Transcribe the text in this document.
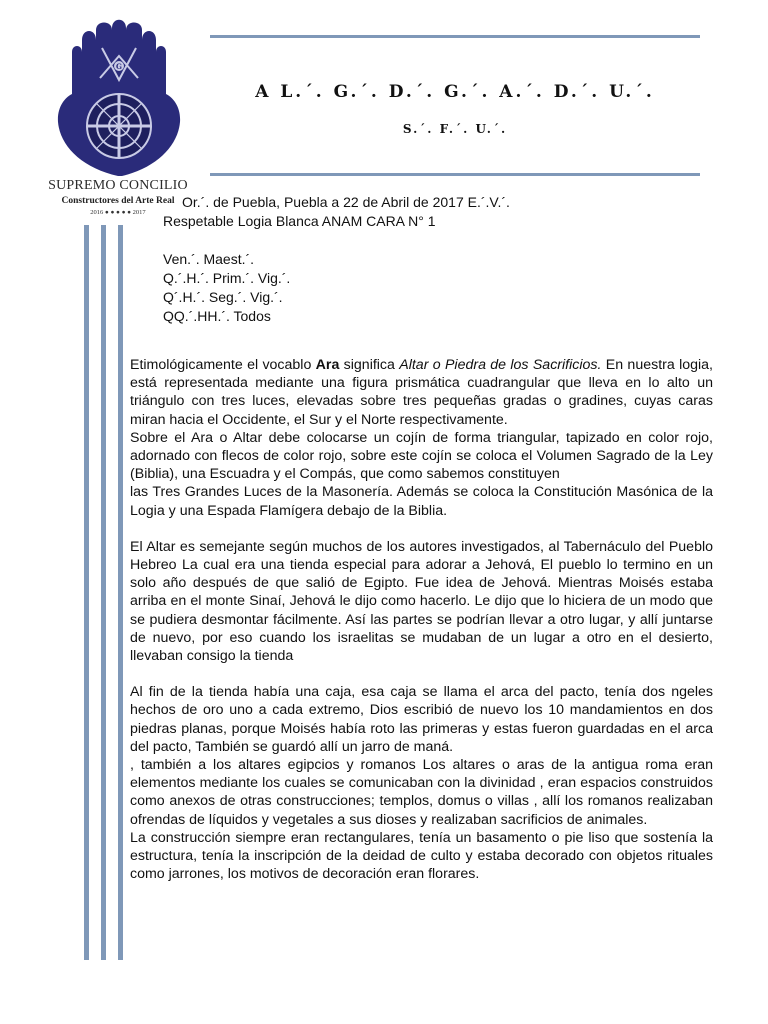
G
SUPREMO CONCILIO
Constructores del Arte Real
2016 ● ● ● ● ● 2017
A L.´. G.´. D.´. G.´. A.´. D.´. U.´.
S.´. F.´. U.´.
Or.´. de Puebla, Puebla a 22 de Abril de 2017 E.´.V.´.
Respetable Logia Blanca ANAM CARA N° 1
Ven.´. Maest.´.
Q.´.H.´. Prim.´. Vig.´.
Q´.H.´. Seg.´. Vig.´.
QQ.´.HH.´. Todos

Etimológicamente el vocablo Ara significa Altar o Piedra de los Sacrificios. En nuestra logia, está representada mediante una figura prismática cuadrangular que lleva en lo alto un triángulo con tres luces, elevadas sobre tres pequeñas gradas o gradines, cuyas caras miran hacia el Occidente, el Sur y el Norte respectivamente.

Sobre el Ara o Altar debe colocarse un cojín de forma triangular, tapizado en color rojo, adornado con flecos de color rojo, sobre este cojín se coloca el Volumen Sagrado de la Ley (Biblia), una Escuadra y el Compás, que como sabemos constituyen

las Tres Grandes Luces de la Masonería. Además se coloca la Constitución Masónica de la Logia y una Espada Flamígera debajo de la Biblia.

El Altar es semejante según muchos de los autores investigados, al Tabernáculo del Pueblo Hebreo La cual era una tienda especial para adorar a Jehová, El pueblo lo termino en un solo año después de que salió de Egipto. Fue idea de Jehová. Mientras Moisés estaba arriba en el monte Sinaí, Jehová le dijo como hacerlo. Le dijo que lo hiciera de un modo que se pudiera desmontar fácilmente. Así las partes se podrían llevar a otro lugar, y allí juntarse de nuevo, por eso cuando los israelitas se mudaban de un lugar a otro en el desierto, llevaban consigo la tienda

Al fin de la tienda había una caja, esa caja se llama el arca del pacto, tenía dos ngeles hechos de oro uno a cada extremo, Dios escribió de nuevo los 10 mandamientos en dos piedras planas, porque Moisés había roto las primeras y estas fueron guardadas en el arca del pacto, También se guardó allí un jarro de maná.

, también a los altares egipcios y romanos Los altares o aras de la antigua roma eran elementos mediante los cuales se comunicaban con la divinidad , eran espacios construidos como anexos de otras construcciones; templos, domus o villas , allí los romanos realizaban ofrendas de líquidos y vegetales a sus dioses y realizaban sacrificios de animales.

La construcción siempre eran rectangulares, tenía un basamento o pie liso que sostenía la estructura, tenía la inscripción de la deidad de culto y estaba decorado con objetos rituales como jarrones, los motivos de decoración eran florares.
